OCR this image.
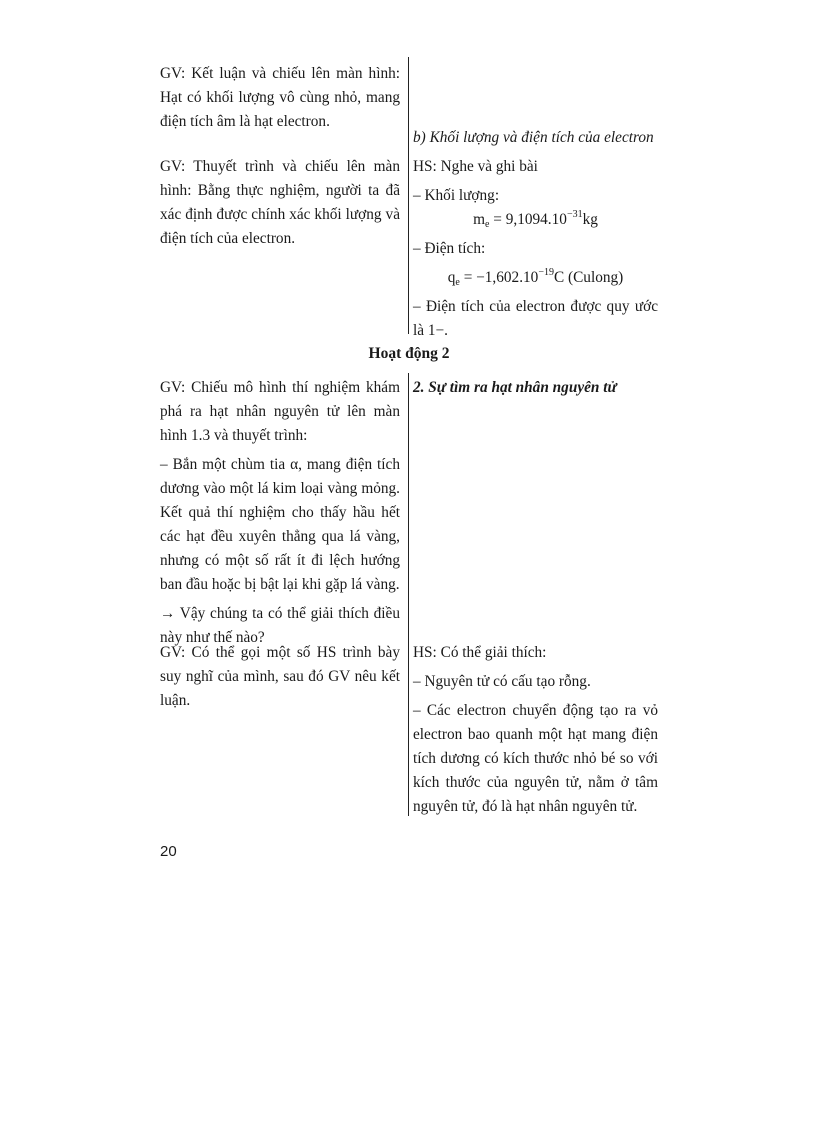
GV: Kết luận và chiếu lên màn hình: Hạt có khối lượng vô cùng nhỏ, mang điện tích âm là hạt electron.

b) Khối lượng và điện tích của electron

GV: Thuyết trình và chiếu lên màn hình: Bằng thực nghiệm, người ta đã xác định được chính xác khối lượng và điện tích của electron.

HS: Nghe và ghi bài

– Khối lượng:

$m_e = 9,1094.10^{-31}kg$

– Điện tích:

$q_e = -1,602.10^{-19}C$ (Culong)

– Điện tích của electron được quy ước là 1−.

Hoạt động 2

GV: Chiếu mô hình thí nghiệm khám phá ra hạt nhân nguyên tử lên màn hình 1.3 và thuyết trình:

– Bắn một chùm tia α, mang điện tích dương vào một lá kim loại vàng mỏng. Kết quả thí nghiệm cho thấy hầu hết các hạt đều xuyên thẳng qua lá vàng, nhưng có một số rất ít đi lệch hướng ban đầu hoặc bị bật lại khi gặp lá vàng.

→ Vậy chúng ta có thể giải thích điều này như thế nào?

2. Sự tìm ra hạt nhân nguyên tử

GV: Có thể gọi một số HS trình bày suy nghĩ của mình, sau đó GV nêu kết luận.

HS: Có thể giải thích:

– Nguyên tử có cấu tạo rỗng.

– Các electron chuyển động tạo ra vỏ electron bao quanh một hạt mang điện tích dương có kích thước nhỏ bé so với kích thước của nguyên tử, nằm ở tâm nguyên tử, đó là hạt nhân nguyên tử.

20
